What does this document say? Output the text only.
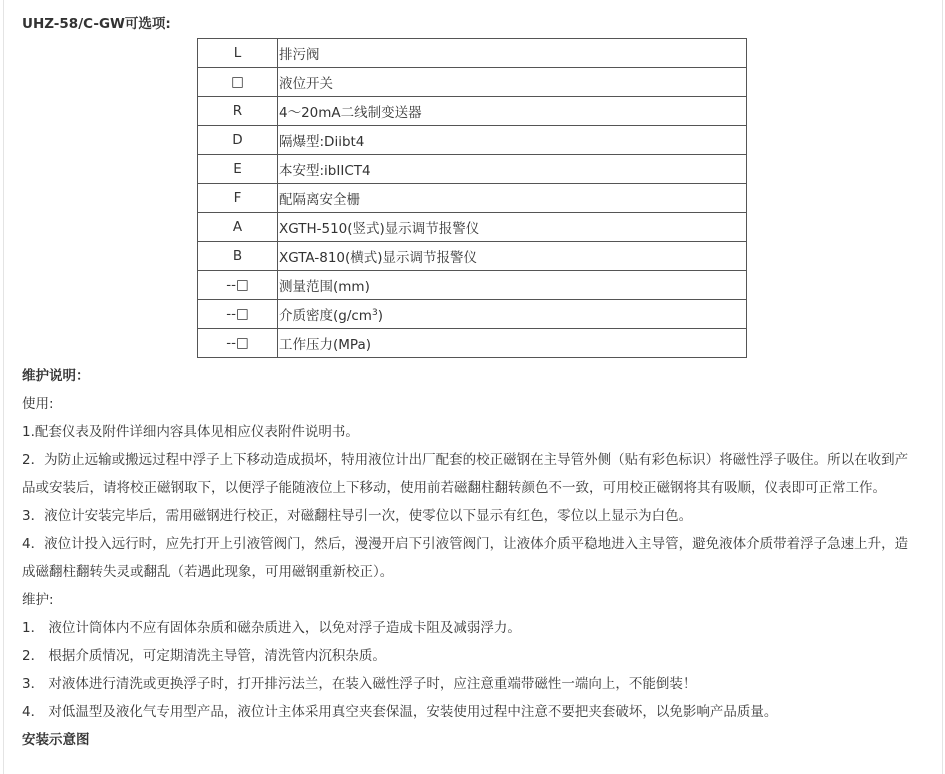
UHZ-58/C-GW可选项:
L	排污阀
□	液位开关
R	4～20mA二线制变送器
D	隔爆型:Diibt4
E	本安型:ibIICT4
F	配隔离安全栅
A	XGTH-510(竖式)显示调节报警仪
B	XGTA-810(横式)显示调节报警仪
--□	测量范围(mm)
--□	介质密度$(g/cm^3)$
--□	工作压力(MPa)

维护说明：

使用:

1.配套仪表及附件详细内容具体见相应仪表附件说明书。

2．为防止远输或搬远过程中浮子上下移动造成损坏，特用液位计出厂配套的校正磁钢在主导管外侧（贴有彩色标识）将磁性浮子吸住。所以在收到产品或安装后，请将校正磁钢取下，以便浮子能随液位上下移动，使用前若磁翻柱翻转颜色不一致，可用校正磁钢将其有吸顺，仪表即可正常工作。

3．液位计安装完毕后，需用磁钢进行校正，对磁翻柱导引一次，使零位以下显示有红色，零位以上显示为白色。

4．液位计投入远行时，应先打开上引液管阀门，然后，漫漫开启下引液管阀门，让液体介质平稳地进入主导管，避免液体介质带着浮子急速上升，造成磁翻柱翻转失灵或翻乱（若遇此现象，可用磁钢重新校正）。

维护:

1． 液位计筒体内不应有固体杂质和磁杂质进入，以免对浮子造成卡阻及减弱浮力。

2． 根据介质情况，可定期清洗主导管，清洗管内沉积杂质。

3． 对液体进行清洗或更换浮子时，打开排污法兰，在装入磁性浮子时，应注意重端带磁性一端向上，不能倒装！

4． 对低温型及液化气专用型产品，液位计主体采用真空夹套保温，安装使用过程中注意不要把夹套破坏，以免影响产品质量。

安装示意图
